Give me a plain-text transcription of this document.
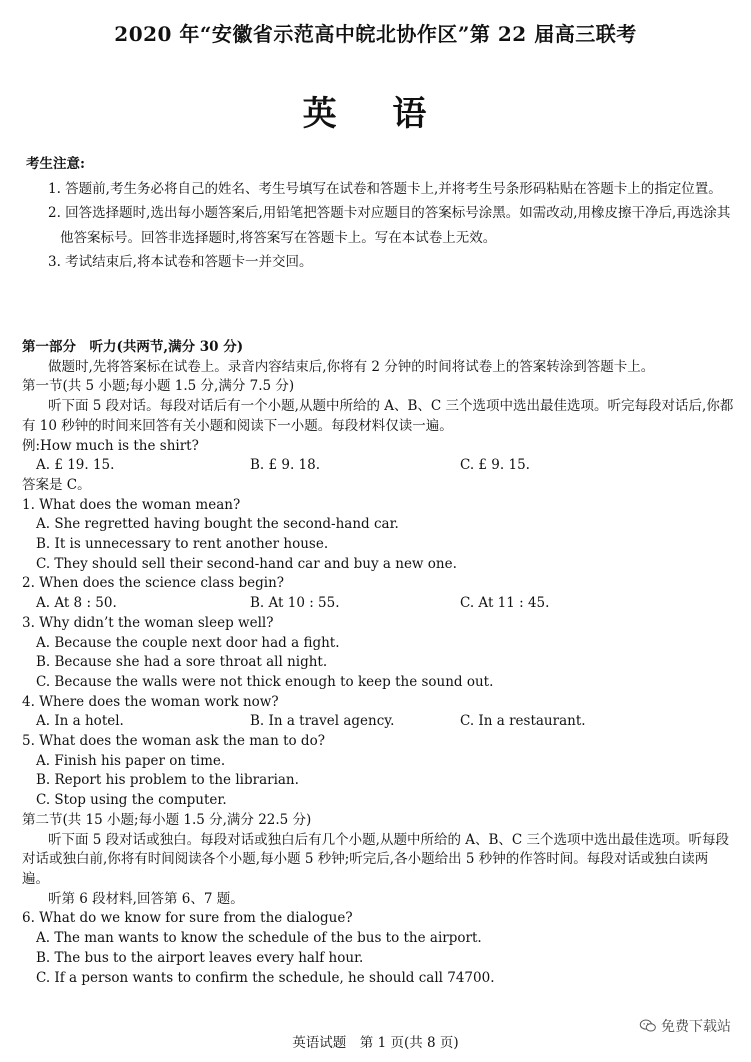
2020 年“安徽省示范高中皖北协作区”第 22 届高三联考
英 语
考生注意:
1. 答题前,考生务必将自己的姓名、考生号填写在试卷和答题卡上,并将考生号条形码粘贴在答题卡上的指定位置。
2. 回答选择题时,选出每小题答案后,用铅笔把答题卡对应题目的答案标号涂黑。如需改动,用橡皮擦干净后,再选涂其他答案标号。回答非选择题时,将答案写在答题卡上。写在本试卷上无效。
3. 考试结束后,将本试卷和答题卡一并交回。
第一部分　听力(共两节,满分 30 分)
做题时,先将答案标在试卷上。录音内容结束后,你将有 2 分钟的时间将试卷上的答案转涂到答题卡上。
第一节(共 5 小题;每小题 1.5 分,满分 7.5 分)
听下面 5 段对话。每段对话后有一个小题,从题中所给的 A、B、C 三个选项中选出最佳选项。听完每段对话后,你都有 10 秒钟的时间来回答有关小题和阅读下一小题。每段材料仅读一遍。
例:How much is the shirt?
A. £ 19. 15.	B. £ 9. 18.	C. £ 9. 15.
答案是 C。
1. What does the woman mean?
A. She regretted having bought the second-hand car.
B. It is unnecessary to rent another house.
C. They should sell their second-hand car and buy a new one.
2. When does the science class begin?
A. At 8 : 50.	B. At 10 : 55.	C. At 11 : 45.
3. Why didn’t the woman sleep well?
A. Because the couple next door had a fight.
B. Because she had a sore throat all night.
C. Because the walls were not thick enough to keep the sound out.
4. Where does the woman work now?
A. In a hotel.	B. In a travel agency.	C. In a restaurant.
5. What does the woman ask the man to do?
A. Finish his paper on time.
B. Report his problem to the librarian.
C. Stop using the computer.
第二节(共 15 小题;每小题 1.5 分,满分 22.5 分)
听下面 5 段对话或独白。每段对话或独白后有几个小题,从题中所给的 A、B、C 三个选项中选出最佳选项。听每段对话或独白前,你将有时间阅读各个小题,每小题 5 秒钟;听完后,各小题给出 5 秒钟的作答时间。每段对话或独白读两遍。
听第 6 段材料,回答第 6、7 题。
6. What do we know for sure from the dialogue?
A. The man wants to know the schedule of the bus to the airport.
B. The bus to the airport leaves every half hour.
C. If a person wants to confirm the schedule, he should call 74700.
英语试题　第 1 页(共 8 页)
免费下载站
